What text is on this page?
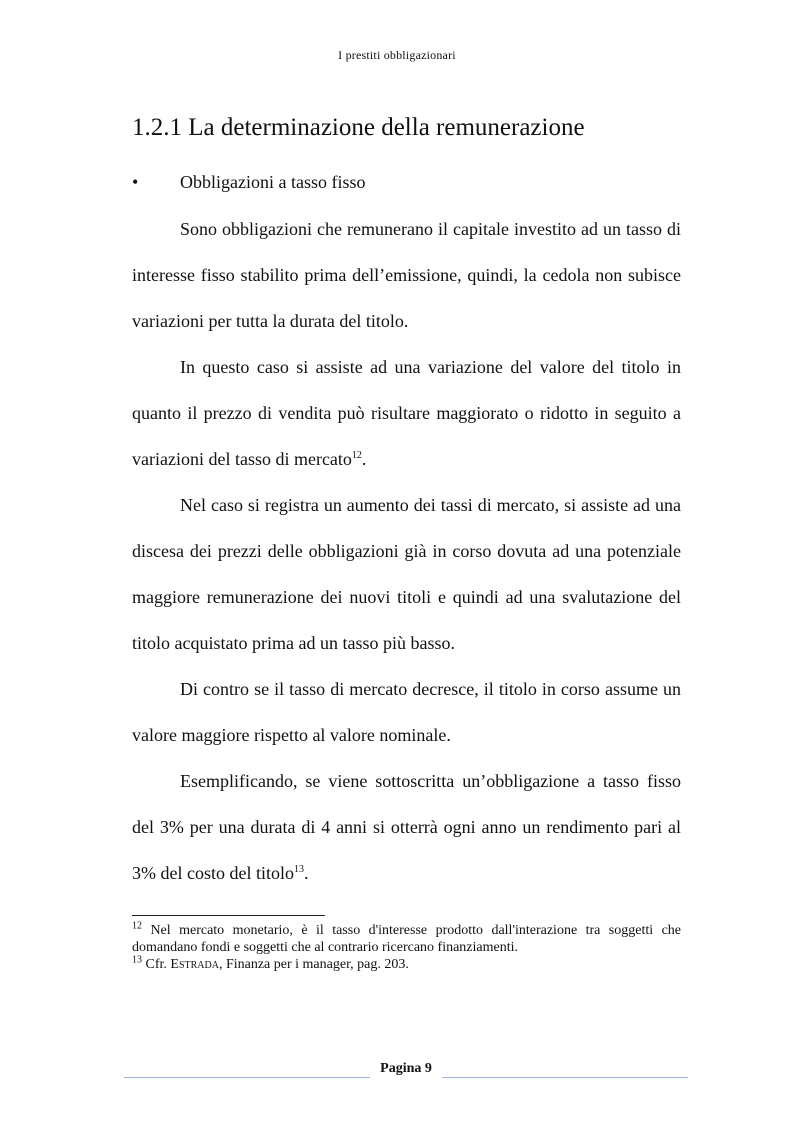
I prestiti obbligazionari
1.2.1 La determinazione della remunerazione
• Obbligazioni a tasso fisso

Sono obbligazioni che remunerano il capitale investito ad un tasso di interesse fisso stabilito prima dell’emissione, quindi, la cedola non subisce variazioni per tutta la durata del titolo.

In questo caso si assiste ad una variazione del valore del titolo in quanto il prezzo di vendita può risultare maggiorato o ridotto in seguito a variazioni del tasso di mercato$^{12}$.

Nel caso si registra un aumento dei tassi di mercato, si assiste ad una discesa dei prezzi delle obbligazioni già in corso dovuta ad una potenziale maggiore remunerazione dei nuovi titoli e quindi ad una svalutazione del titolo acquistato prima ad un tasso più basso.

Di contro se il tasso di mercato decresce, il titolo in corso assume un valore maggiore rispetto al valore nominale.

Esemplificando, se viene sottoscritta un’obbligazione a tasso fisso del 3% per una durata di 4 anni si otterrà ogni anno un rendimento pari al 3% del costo del titolo$^{13}$.

$^{12}$ Nel mercato monetario, è il tasso d'interesse prodotto dall'interazione tra soggetti che domandano fondi e soggetti che al contrario ricercano finanziamenti.

$^{13}$ Cfr. Estrada, Finanza per i manager, pag. 203.

Pagina 9
